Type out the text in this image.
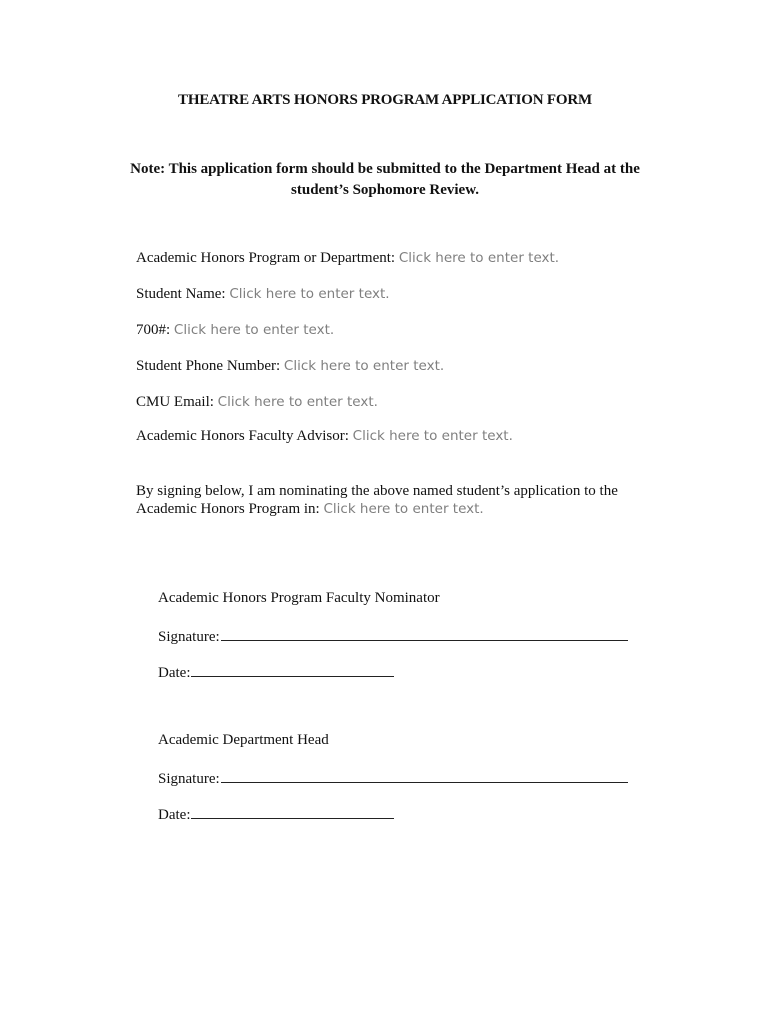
THEATRE ARTS HONORS PROGRAM APPLICATION FORM
Note: This application form should be submitted to the Department Head at the student’s Sophomore Review.
Academic Honors Program or Department: Click here to enter text.
Student Name: Click here to enter text.
700#: Click here to enter text.
Student Phone Number: Click here to enter text.
CMU Email: Click here to enter text.
Academic Honors Faculty Advisor: Click here to enter text.
By signing below, I am nominating the above named student’s application to the Academic Honors Program in: Click here to enter text.
Academic Honors Program Faculty Nominator
Signature:
Date:
Academic Department Head
Signature:
Date:
